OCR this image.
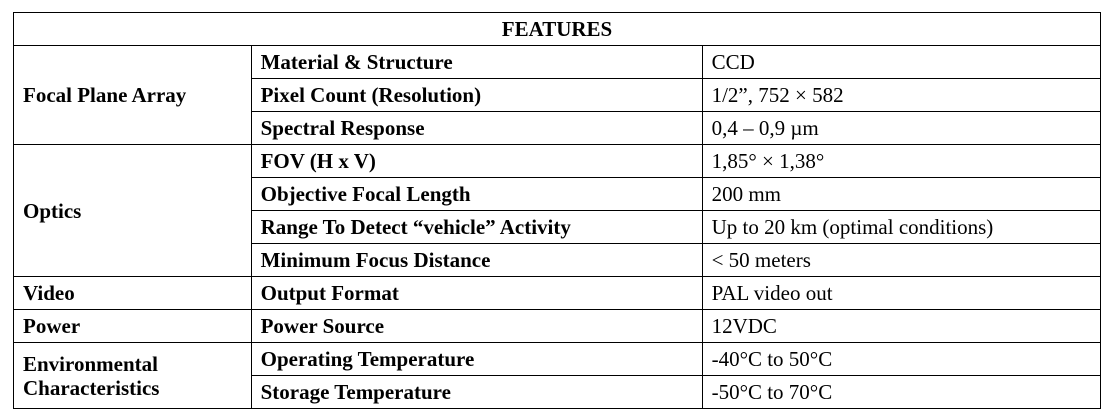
FEATURES		
Focal Plane Array	Material & Structure	CCD
	Pixel Count (Resolution)	1/2”, 752 × 582
	Spectral Response	0,4 – 0,9 µm
Optics	FOV (H x V)	1,85° × 1,38°
	Objective Focal Length	200 mm
	Range To Detect “vehicle” Activity	Up to 20 km (optimal conditions)
	Minimum Focus Distance	< 50 meters
Video	Output Format	PAL video out
Power	Power Source	12VDC
Environmental Characteristics	Operating Temperature	-40°C to 50°C
	Storage Temperature	-50°C to 70°C
